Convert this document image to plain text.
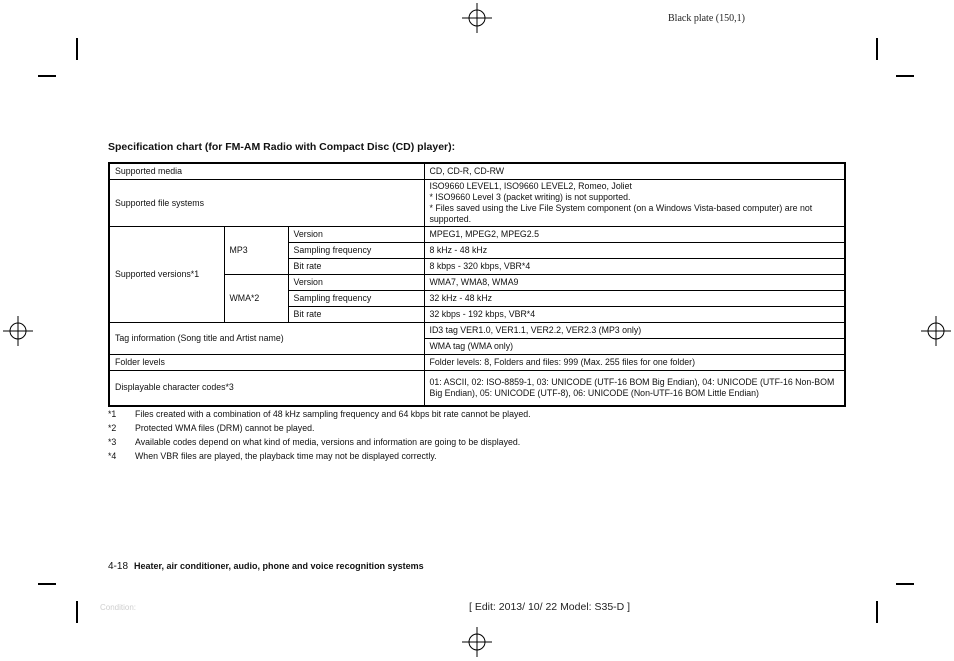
Black plate (150,1)
Specification chart (for FM-AM Radio with Compact Disc (CD) player):
Supported media			CD, CD-R, CD-RW
Supported file systems			ISO9660 LEVEL1, ISO9660 LEVEL2, Romeo, Joliet
* ISO9660 Level 3 (packet writing) is not supported.
* Files saved using the Live File System component (on a Windows Vista-based computer) are not supported.

Supported versions*1	MP3	Version	MPEG1, MPEG2, MPEG2.5
		Sampling frequency	8 kHz - 48 kHz
		Bit rate	8 kbps - 320 kbps, VBR*4
	WMA*2	Version	WMA7, WMA8, WMA9
		Sampling frequency	32 kHz - 48 kHz
		Bit rate	32 kbps - 192 kbps, VBR*4
Tag information (Song title and Artist name)			ID3 tag VER1.0, VER1.1, VER2.2, VER2.3 (MP3 only)
			WMA tag (WMA only)
Folder levels			Folder levels: 8, Folders and files: 999 (Max. 255 files for one folder)
Displayable character codes*3			01: ASCII, 02: ISO-8859-1, 03: UNICODE (UTF-16 BOM Big Endian), 04: UNICODE (UTF-16 Non-BOM Big Endian), 05: UNICODE (UTF-8), 06: UNICODE (Non-UTF-16 BOM Little Endian)
*1	Files created with a combination of 48 kHz sampling frequency and 64 kbps bit rate cannot be played.
*2	Protected WMA files (DRM) cannot be played.
*3	Available codes depend on what kind of media, versions and information are going to be displayed.
*4	When VBR files are played, the playback time may not be displayed correctly.
4-18 Heater, air conditioner, audio, phone and voice recognition systems
Condition:	[ Edit: 2013/ 10/ 22 Model: S35-D ]
